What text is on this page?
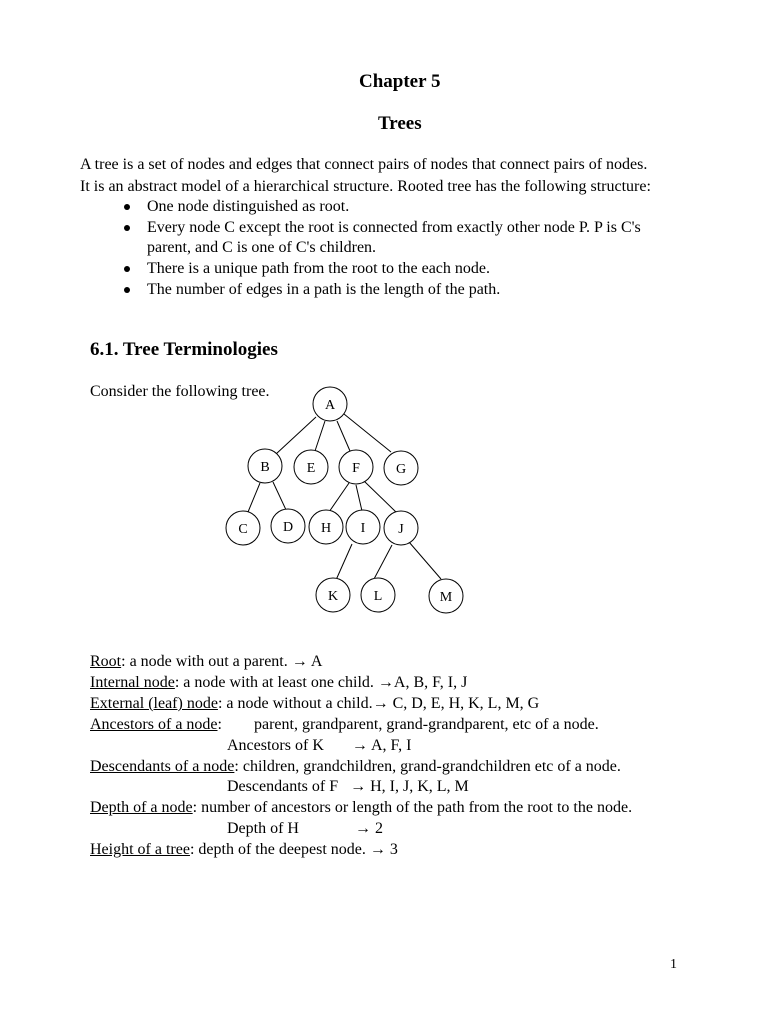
Chapter 5
Trees
A tree is a set of nodes and edges that connect pairs of nodes that connect pairs of nodes.
It is an abstract model of a hierarchical structure. Rooted tree has the following structure:
One node distinguished as root.
Every node C except the root is connected from exactly other node P. P is C's
parent, and C is one of C's children.
There is a unique path from the root to the each node.
The number of edges in a path is the length of the path.
6.1. Tree Terminologies
Consider the following tree.
A
B	E	F	G
C	D H I J
K	L	M
Root: a node with out a parent. → A
Internal node: a node with at least one child. →A, B, F, I, J
External (leaf) node: a node without a child.→ C, D, E, H, K, L, M, G
Ancestors of a node:        parent, grandparent, grand-grandparent, etc of a node.
Ancestors of K       → A, F, I
Descendants of a node: children, grandchildren, grand-grandchildren etc of a node.
Descendants of F   → H, I, J, K, L, M
Depth of a node: number of ancestors or length of the path from the root to the node.
Depth of H              → 2
Height of a tree: depth of the deepest node. → 3
1
